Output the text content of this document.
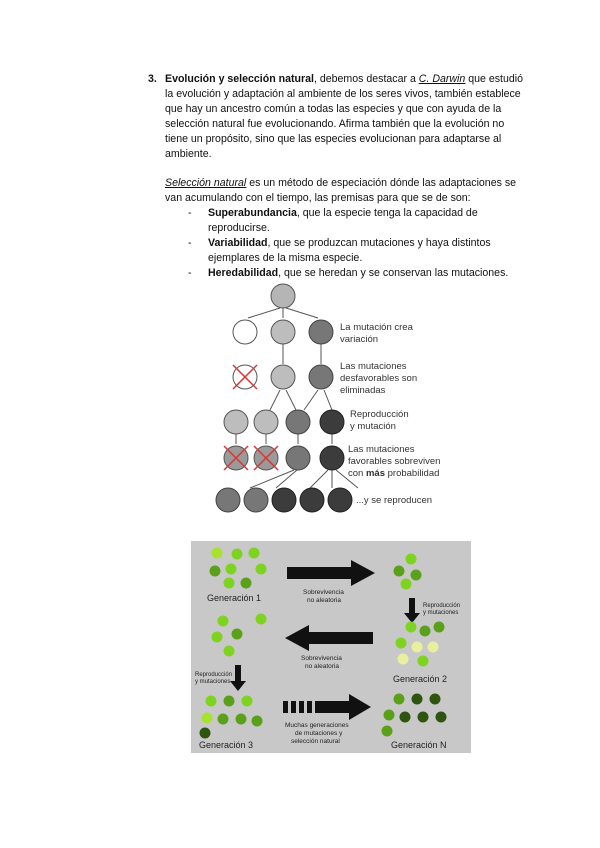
3. Evolución y selección natural, debemos destacar a C. Darwin que estudió la evolución y adaptación al ambiente de los seres vivos, también establece que hay un ancestro común a todas las especies y que con ayuda de la selección natural fue evolucionando. Afirma también que la evolución no tiene un propósito, sino que las especies evolucionan para adaptarse al ambiente.
Selección natural es un método de especiación dónde las adaptaciones se van acumulando con el tiempo, las premisas para que se de son:
- Superabundancia, que la especie tenga la capacidad de reproducirse.
- Variabilidad, que se produzcan mutaciones y haya distintos ejemplares de la misma especie.
- Heredabilidad, que se heredan y se conservan las mutaciones.
La mutación crea
variación
Las mutaciones
desfavorables son
eliminadas
Reproducción
y mutación
Las mutaciones
favorables sobreviven
con más probabilidad
...y se reproducen
Generación 1
Sobrevivencia
no aleatoria
Reproducción
y mutaciones
Generación 2
Sobrevivencia
no aleatoria
Reproducción
y mutaciones
Generación 3
Muchas generaciones
de mutaciones y
selección natural	Generación N
